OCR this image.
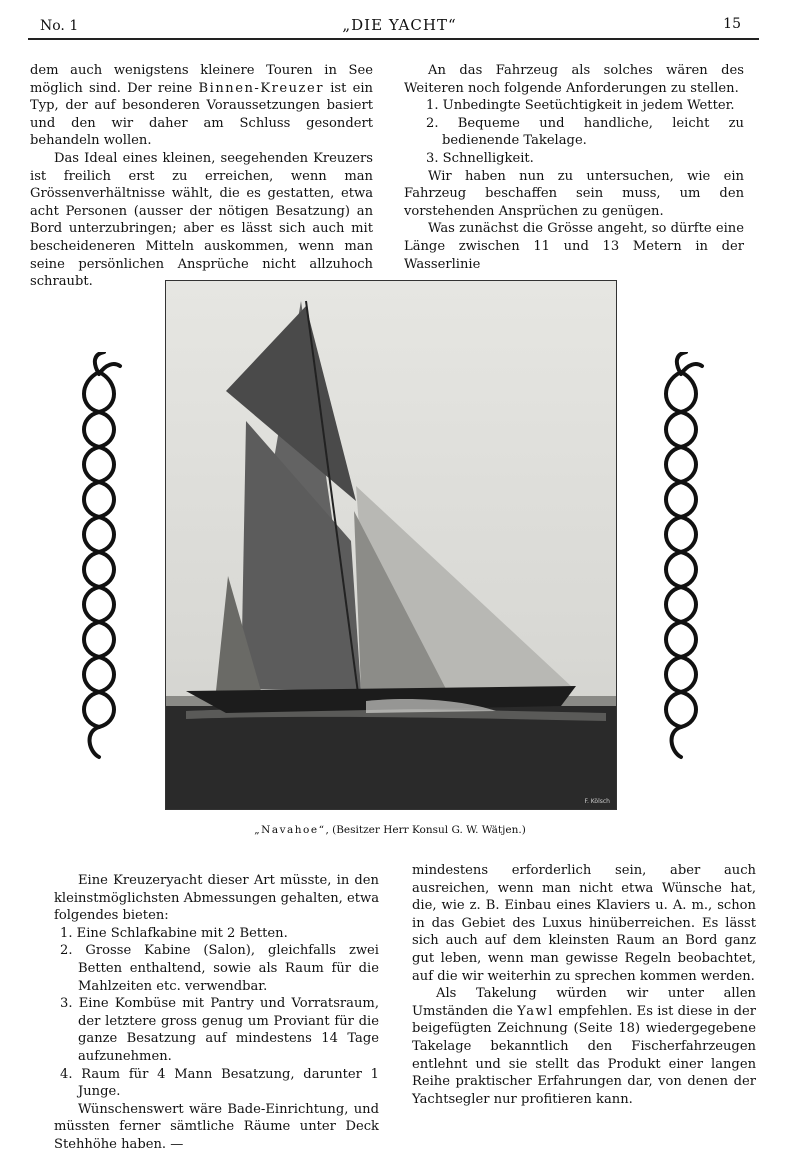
No. 1	„DIE YACHT“	15

dem auch wenigstens kleinere Touren in See möglich sind. Der reine Binnen-Kreuzer ist ein Typ, der auf besonderen Voraussetzungen basiert und den wir daher am Schluss gesondert behandeln wollen.

Das Ideal eines kleinen, seegehenden Kreuzers ist freilich erst zu erreichen, wenn man Grössenverhältnisse wählt, die es gestatten, etwa acht Personen (ausser der nötigen Besatzung) an Bord unterzubringen; aber es lässt sich auch mit bescheideneren Mitteln auskommen, wenn man seine persönlichen Ansprüche nicht allzuhoch schraubt.

An das Fahrzeug als solches wären des Weiteren noch folgende Anforderungen zu stellen.

1. Unbedingte Seetüchtigkeit in jedem Wetter.

2. Bequeme und handliche, leicht zu bedienende Takelage.

3. Schnelligkeit.

Wir haben nun zu untersuchen, wie ein Fahrzeug beschaffen sein muss, um den vorstehenden Ansprüchen zu genügen.

Was zunächst die Grösse angeht, so dürfte eine Länge zwischen 11 und 13 Metern in der Wasserlinie

F. Kölsch
„Navahoe“, (Besitzer Herr Konsul G. W. Wätjen.)

Eine Kreuzeryacht dieser Art müsste, in den kleinstmöglichsten Abmessungen gehalten, etwa folgendes bieten:

1. Eine Schlafkabine mit 2 Betten.

2. Grosse Kabine (Salon), gleichfalls zwei Betten enthaltend, sowie als Raum für die Mahlzeiten etc. verwendbar.

3. Eine Kombüse mit Pantry und Vorratsraum, der letztere gross genug um Proviant für die ganze Besatzung auf mindestens 14 Tage aufzunehmen.

4. Raum für 4 Mann Besatzung, darunter 1 Junge.

Wünschenswert wäre Bade-Einrichtung, und müssten ferner sämtliche Räume unter Deck Stehhöhe haben. —

mindestens erforderlich sein, aber auch ausreichen, wenn man nicht etwa Wünsche hat, die, wie z. B. Einbau eines Klaviers u. A. m., schon in das Gebiet des Luxus hinüberreichen. Es lässt sich auch auf dem kleinsten Raum an Bord ganz gut leben, wenn man gewisse Regeln beobachtet, auf die wir weiterhin zu sprechen kommen werden.

Als Takelung würden wir unter allen Umständen die Yawl empfehlen. Es ist diese in der beigefügten Zeichnung (Seite 18) wiedergegebene Takelage bekanntlich den Fischerfahrzeugen entlehnt und sie stellt das Produkt einer langen Reihe praktischer Erfahrungen dar, von denen der Yachtsegler nur profitieren kann.
